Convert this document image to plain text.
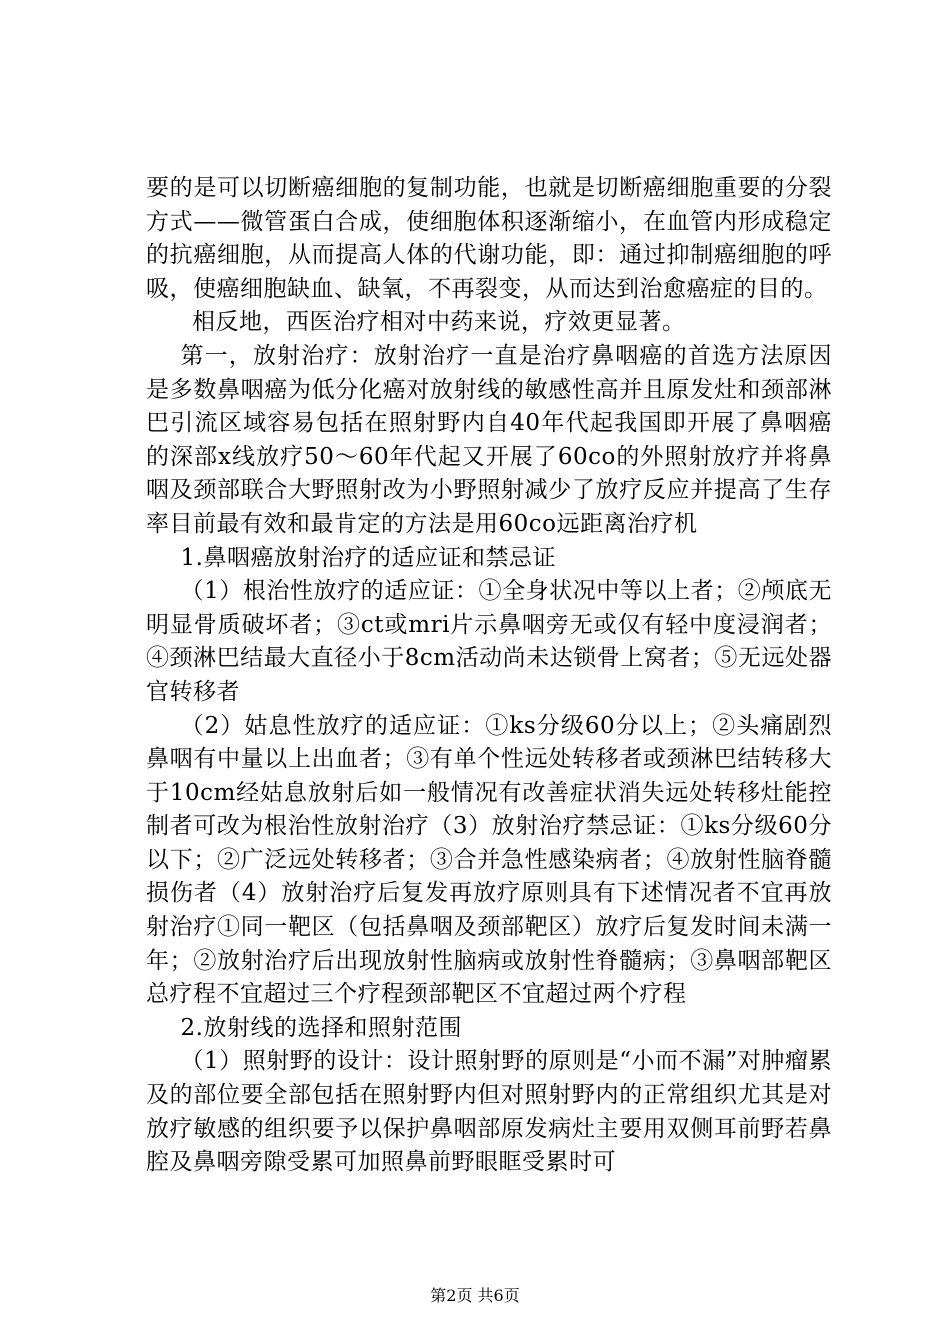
要的是可以切断癌细胞的复制功能，也就是切断癌细胞重要的分裂方式——微管蛋白合成，使细胞体积逐渐缩小，在血管内形成稳定的抗癌细胞，从而提高人体的代谢功能，即：通过抑制癌细胞的呼吸，使癌细胞缺血、缺氧，不再裂变，从而达到治愈癌症的目的。

相反地，西医治疗相对中药来说，疗效更显著。

第一，放射治疗：放射治疗一直是治疗鼻咽癌的首选方法原因是多数鼻咽癌为低分化癌对放射线的敏感性高并且原发灶和颈部淋巴引流区域容易包括在照射野内自40年代起我国即开展了鼻咽癌的深部x线放疗50～60年代起又开展了60co的外照射放疗并将鼻咽及颈部联合大野照射改为小野照射减少了放疗反应并提高了生存率目前最有效和最肯定的方法是用60co远距离治疗机

1.鼻咽癌放射治疗的适应证和禁忌证

（1）根治性放疗的适应证：①全身状况中等以上者；②颅底无明显骨质破坏者；③ct或mri片示鼻咽旁无或仅有轻中度浸润者；④颈淋巴结最大直径小于8cm活动尚未达锁骨上窝者；⑤无远处器官转移者

（2）姑息性放疗的适应证：①ks分级60分以上；②头痛剧烈鼻咽有中量以上出血者；③有单个性远处转移者或颈淋巴结转移大于10cm经姑息放射后如一般情况有改善症状消失远处转移灶能控制者可改为根治性放射治疗（3）放射治疗禁忌证：①ks分级60分以下；②广泛远处转移者；③合并急性感染病者；④放射性脑脊髓损伤者（4）放射治疗后复发再放疗原则具有下述情况者不宜再放射治疗①同一靶区（包括鼻咽及颈部靶区）放疗后复发时间未满一年；②放射治疗后出现放射性脑病或放射性脊髓病；③鼻咽部靶区总疗程不宜超过三个疗程颈部靶区不宜超过两个疗程

2.放射线的选择和照射范围

（1）照射野的设计：设计照射野的原则是“小而不漏”对肿瘤累及的部位要全部包括在照射野内但对照射野内的正常组织尤其是对放疗敏感的组织要予以保护鼻咽部原发病灶主要用双侧耳前野若鼻腔及鼻咽旁隙受累可加照鼻前野眼眶受累时可

第2页 共6页
